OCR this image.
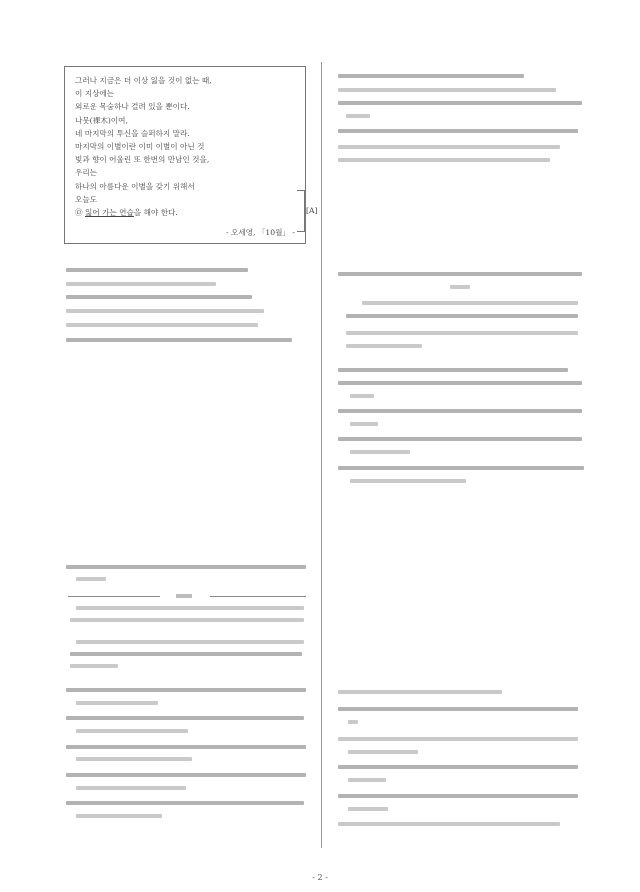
그러나 지금은 더 이상 잃을 것이 없는 때,
이 지상에는
외로운 목숨하나 걸려 있을 뿐이다.
나뭇(裸木)이여,
네 마지막의 투신을 슬퍼하지 말라.
마지막의 이별이란 이미 이별이 아닌 것
빛과 향이 어울린 또 한번의 만남인 것을,
우리는
하나의 아름다운 이별을 갖기 위해서
오늘도
㉤ 잃어 가는 연습을 해야 한다.	[A]
- 오세영, 「10월」 -
- 2 -
